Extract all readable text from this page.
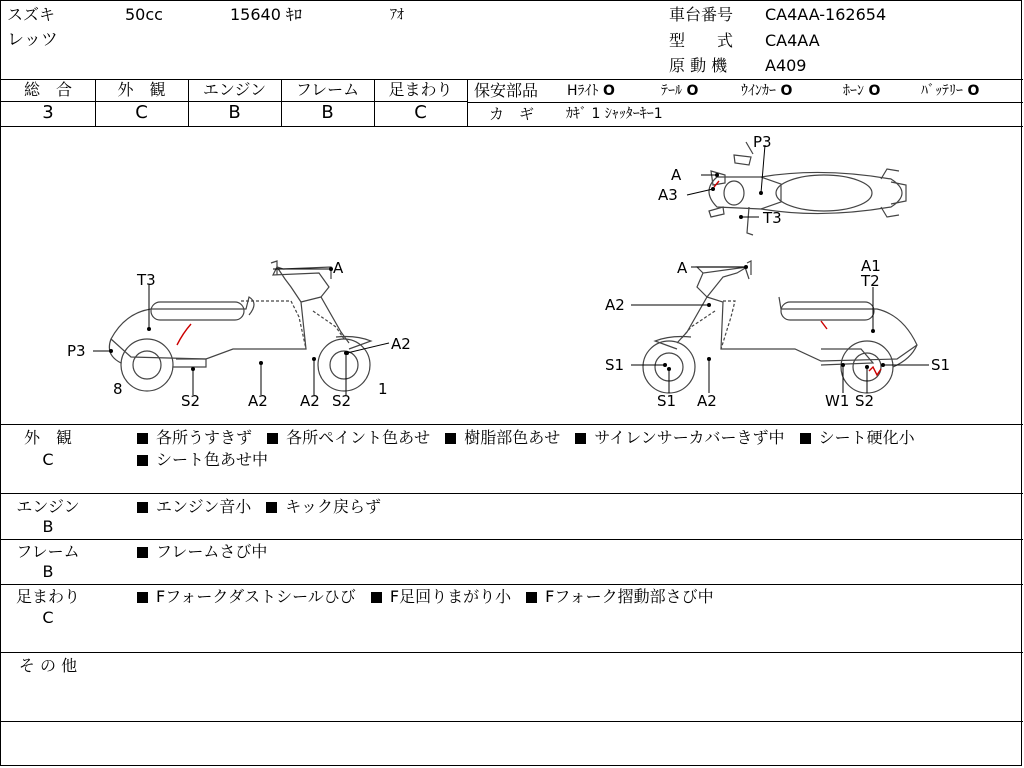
スズキ	50cc	15640 ｷﾛ	ｱｵ
レッツ
車台番号 CA4AA-162654
型　　式 CA4AA
原 動 機 A409
総　合	外　観	エンジン	フレーム	足まわり
3	C	B	B	C
保安部品 Hﾗｲﾄ O	ﾃｰﾙ O	ｳｲﾝｶｰ O	ﾎｰﾝ O	ﾊﾞｯﾃﾘｰ O
カ　ギ ｶｷﾞ 1 ｼｬｯﾀｰｷｰ1
P3
A
A3
T3
T3
A
P3	A2
8
S2	A2 A2 S2
1
A	A1
T2
A2
S1
S1
S1
A2	W1 S2
外　観
C
各所うすきず 各所ペイント色あせ 樹脂部色あせ サイレンサーカバーきず中 シート硬化小
シート色あせ中
エンジン
B
エンジン音小 キック戻らず
フレーム
B
フレームさび中
足まわり
C
Fフォークダストシールひび F足回りまがり小 Fフォーク摺動部さび中
そ の 他
